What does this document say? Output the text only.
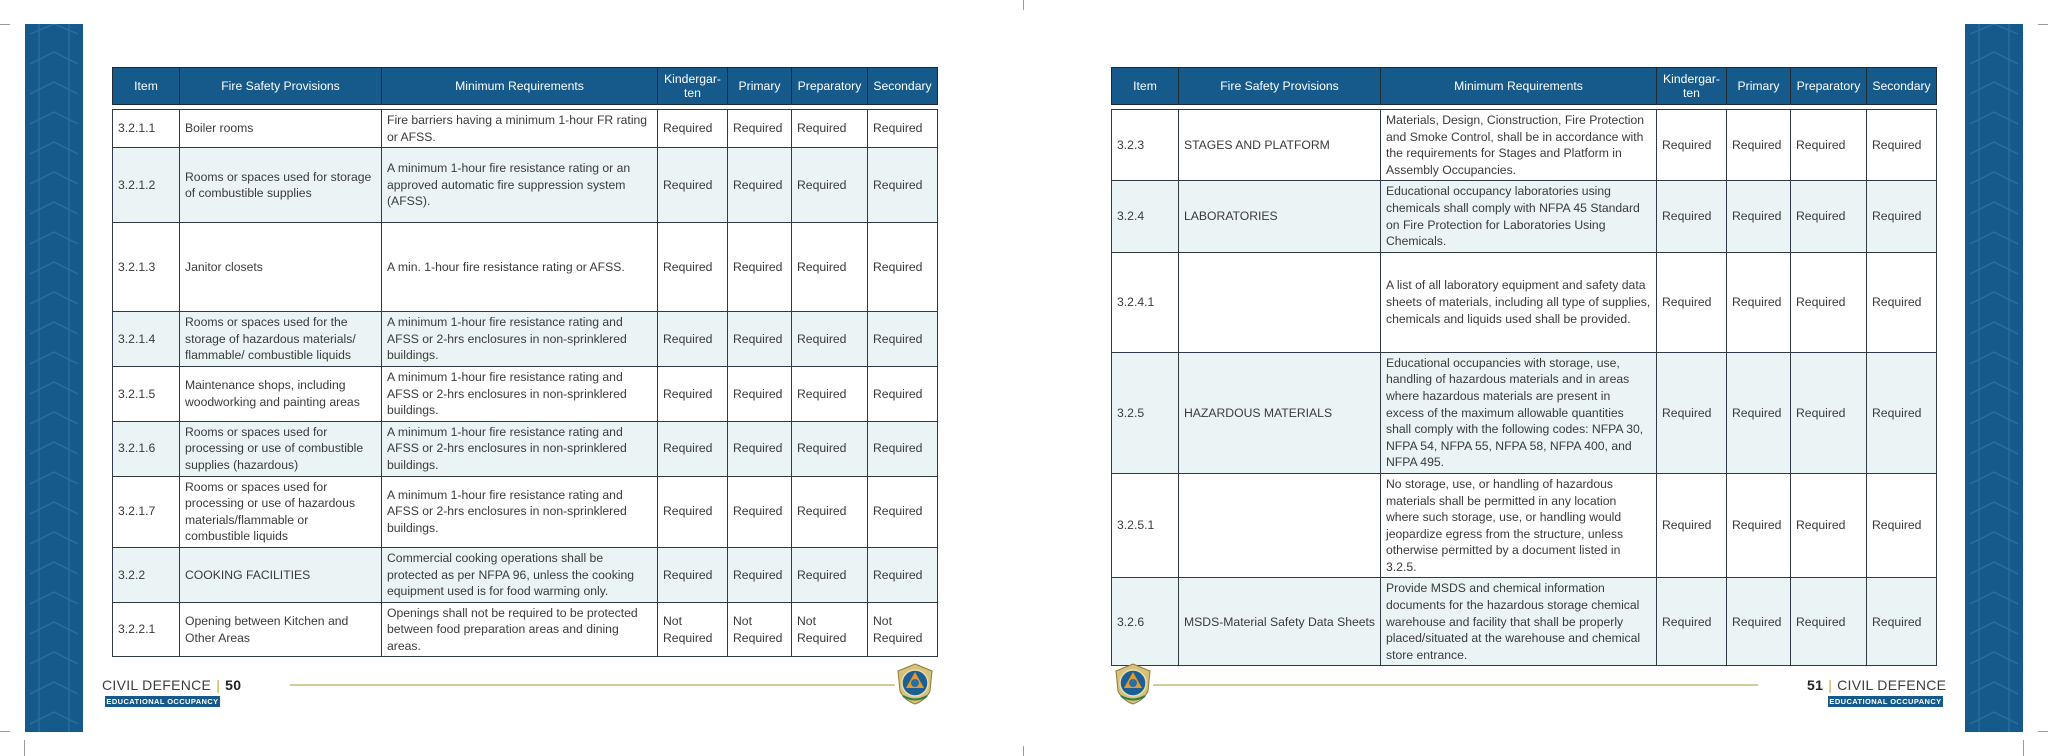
Item	Fire Safety Provisions	Minimum Requirements	Kindergar-ten	Primary	Preparatory	Secondary

3.2.1.1	Boiler rooms	Fire barriers having a minimum 1-hour FR rating or AFSS.	Required	Required	Required	Required
3.2.1.2	Rooms or spaces used for storage of combustible supplies	A minimum 1-hour fire resistance rating or an approved automatic fire suppression system (AFSS).	Required	Required	Required	Required
3.2.1.3	Janitor closets	A min. 1-hour fire resistance rating or AFSS.	Required	Required	Required	Required
3.2.1.4	Rooms or spaces used for the storage of hazardous materials/ flammable/ combustible liquids	A minimum 1-hour fire resistance rating and AFSS or 2-hrs enclosures in non-sprinklered buildings.	Required	Required	Required	Required
3.2.1.5	Maintenance shops, including woodworking and painting areas	A minimum 1-hour fire resistance rating and AFSS or 2-hrs enclosures in non-sprinklered buildings.	Required	Required	Required	Required
3.2.1.6	Rooms or spaces used for processing or use of combustible supplies (hazardous)	A minimum 1-hour fire resistance rating and AFSS or 2-hrs enclosures in non-sprinklered buildings.	Required	Required	Required	Required
3.2.1.7	Rooms or spaces used for processing or use of hazardous materials/flammable or combustible liquids	A minimum 1-hour fire resistance rating and AFSS or 2-hrs enclosures in non-sprinklered buildings.	Required	Required	Required	Required
3.2.2	COOKING FACILITIES	Commercial cooking operations shall be protected as per NFPA 96, unless the cooking equipment used is for food warming only.	Required	Required	Required	Required
3.2.2.1	Opening between Kitchen and Other Areas	Openings shall not be required to be protected between food preparation areas and dining areas.	Not Required	Not Required	Not Required	Not Required
Item	Fire Safety Provisions	Minimum Requirements	Kindergar-ten	Primary	Preparatory	Secondary

3.2.3	STAGES AND PLATFORM	Materials, Design, Cionstruction, Fire Protection and Smoke Control, shall be in accordance with the requirements for Stages and Platform in Assembly Occupancies.	Required	Required	Required	Required
3.2.4	LABORATORIES	Educational occupancy laboratories using chemicals shall comply with NFPA 45 Standard on Fire Protection for Laboratories Using Chemicals.	Required	Required	Required	Required
3.2.4.1		A list of all laboratory equipment and safety data sheets of materials, including all type of supplies, chemicals and liquids used shall be provided.	Required	Required	Required	Required
3.2.5	HAZARDOUS MATERIALS	Educational occupancies with storage, use, handling of hazardous materials and in areas where hazardous materials are present in excess of the maximum allowable quantities shall comply with the following codes: NFPA 30, NFPA 54, NFPA 55, NFPA 58, NFPA 400, and NFPA 495.	Required	Required	Required	Required
3.2.5.1		No storage, use, or handling of hazardous materials shall be permitted in any location where such storage, use, or handling would jeopardize egress from the structure, unless otherwise permitted by a document listed in 3.2.5.	Required	Required	Required	Required
3.2.6	MSDS-Material Safety Data Sheets	Provide MSDS and chemical information documents for the hazardous storage chemical warehouse and facility that shall be properly placed/situated at the warehouse and chemical store entrance.	Required	Required	Required	Required
CIVIL DEFENCE | 50
EDUCATIONAL OCCUPANCY
51 | CIVIL DEFENCE
EDUCATIONAL OCCUPANCY
